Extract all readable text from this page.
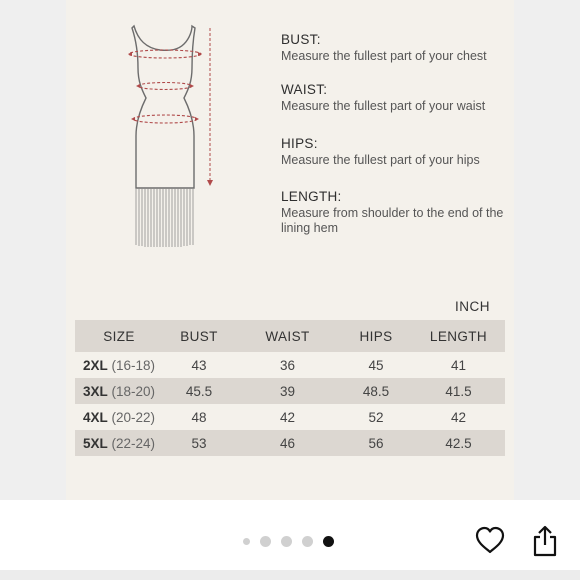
BUST:
Measure the fullest part of your chest
WAIST:
Measure the fullest part of your waist
HIPS:
Measure the fullest part of your hips
LENGTH:
Measure from shoulder to the end of the lining hem
INCH
SIZE	BUST	WAIST	HIPS	LENGTH
2XL (16-18)	43	36	45	41
3XL (18-20)	45.5	39	48.5	41.5
4XL (20-22)	48	42	52	42
5XL (22-24)	53	46	56	42.5
